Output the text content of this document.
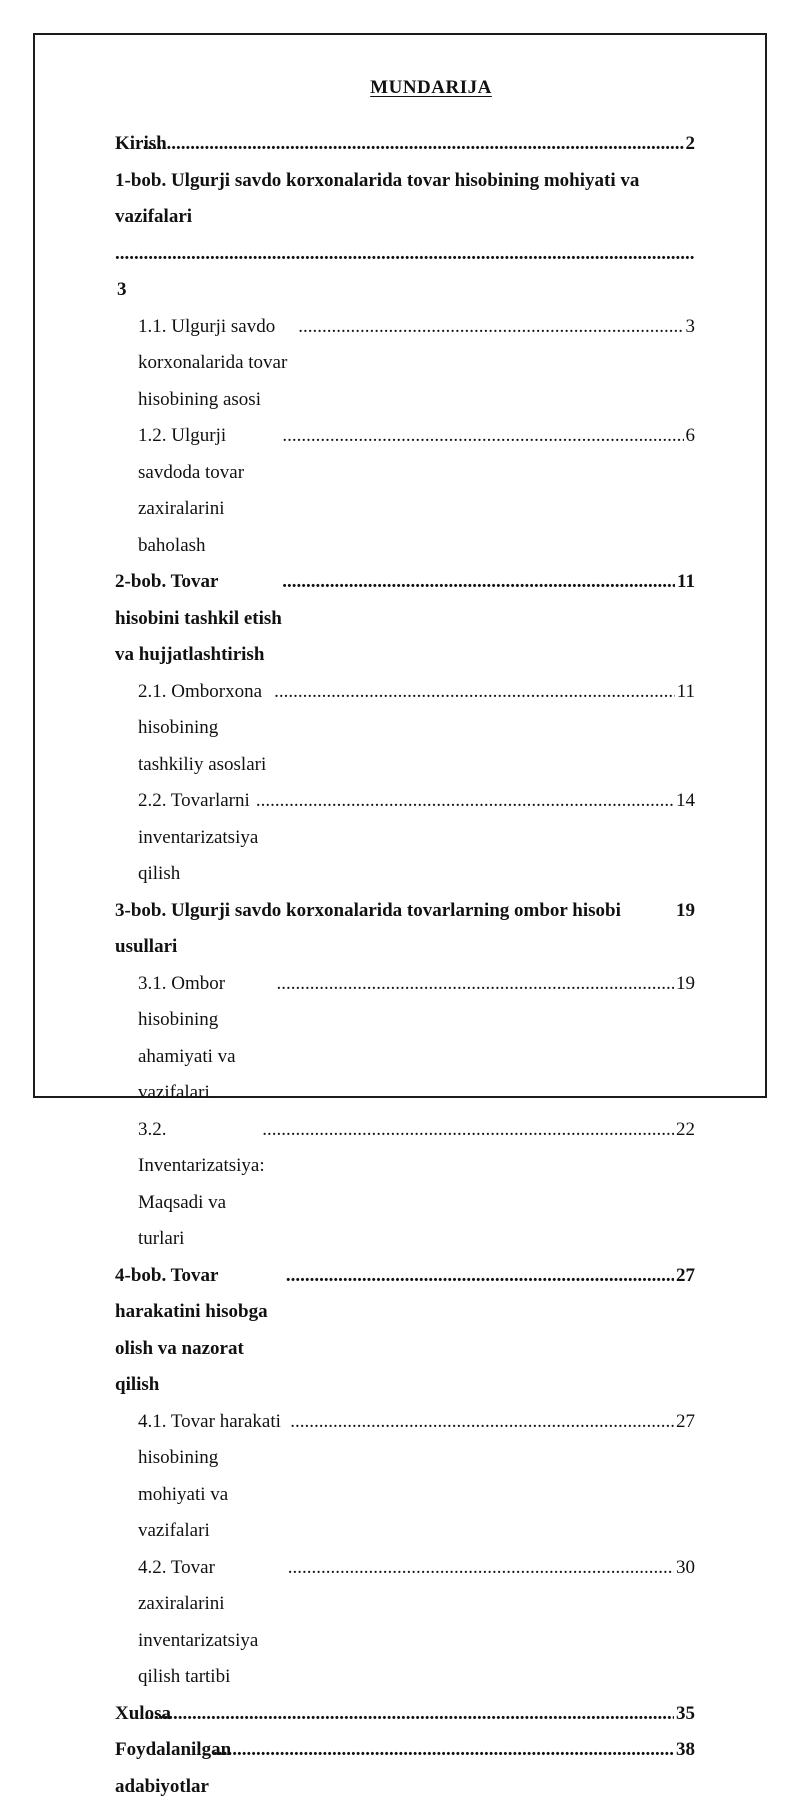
MUNDARIJA
Kirish .....	2
1-bob. Ulgurji savdo korxonalarida tovar hisobining mohiyati va vazifalari
.....
3
1.1. Ulgurji savdo korxonalarida tovar hisobining asosi
.....
3
1.2. Ulgurji savdoda tovar zaxiralarini baholash
.....
6
2-bob. Tovar hisobini tashkil etish va hujjatlashtirish
.....
11
2.1. Omborxona hisobining tashkiliy asoslari
.....
11
2.2. Tovarlarni inventarizatsiya qilish
.....
14
3-bob. Ulgurji savdo korxonalarida tovarlarning ombor hisobi usullari
19
3.1. Ombor hisobining ahamiyati va vazifalari
.....
19
3.2. Inventarizatsiya: Maqsadi va turlari
.....
22
4-bob. Tovar harakatini hisobga olish va nazorat qilish
.....
27
4.1. Tovar harakati hisobining mohiyati va vazifalari
.....
27
4.2. Tovar zaxiralarini inventarizatsiya qilish tartibi
.....
30
Xulosa .....	35
Foydalanilgan adabiyotlar
.....
38
